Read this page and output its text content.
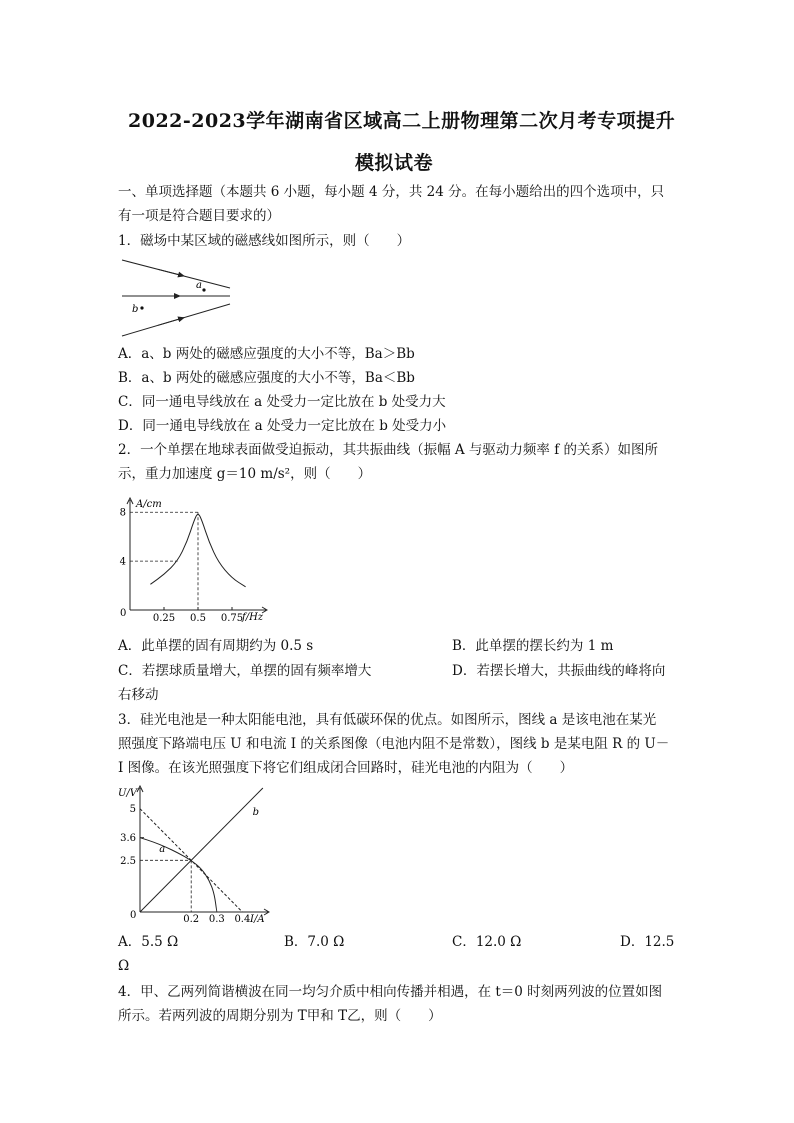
2022-2023学年湖南省区域高二上册物理第二次月考专项提升
模拟试卷
一、单项选择题（本题共 6 小题，每小题 4 分，共 24 分。在每小题给出的四个选项中，只
有一项是符合题目要求的）
1．磁场中某区域的磁感线如图所示，则（　　）
a
b
A．a、b 两处的磁感应强度的大小不等，Ba＞Bb
B．a、b 两处的磁感应强度的大小不等，Ba＜Bb
C．同一通电导线放在 a 处受力一定比放在 b 处受力大
D．同一通电导线放在 a 处受力一定比放在 b 处受力小
2．一个单摆在地球表面做受迫振动，其共振曲线（振幅 A 与驱动力频率 f 的关系）如图所
示，重力加速度 g＝10 m/s²，则（　　）
A/cm
f/Hz
0	0.25 0.5 0.75
8
4
A．此单摆的固有周期约为 0.5 s	B．此单摆的摆长约为 1 m
C．若摆球质量增大，单摆的固有频率增大	D．若摆长增大，共振曲线的峰将向
右移动
3．硅光电池是一种太阳能电池，具有低碳环保的优点。如图所示，图线 a 是该电池在某光
照强度下路端电压 U 和电流 I 的关系图像（电池内阻不是常数），图线 b 是某电阻 R 的 U－
I 图像。在该光照强度下将它们组成闭合回路时，硅光电池的内阻为（　　）
U/V
I/A
0	0.2 0.3 0.4
5
3.6
2.5
a
b
A．5.5 Ω	B．7.0 Ω	C．12.0 Ω	D．12.5
Ω
4．甲、乙两列简谐横波在同一均匀介质中相向传播并相遇，在 t＝0 时刻两列波的位置如图
所示。若两列波的周期分别为 T甲和 T乙，则（　　）
